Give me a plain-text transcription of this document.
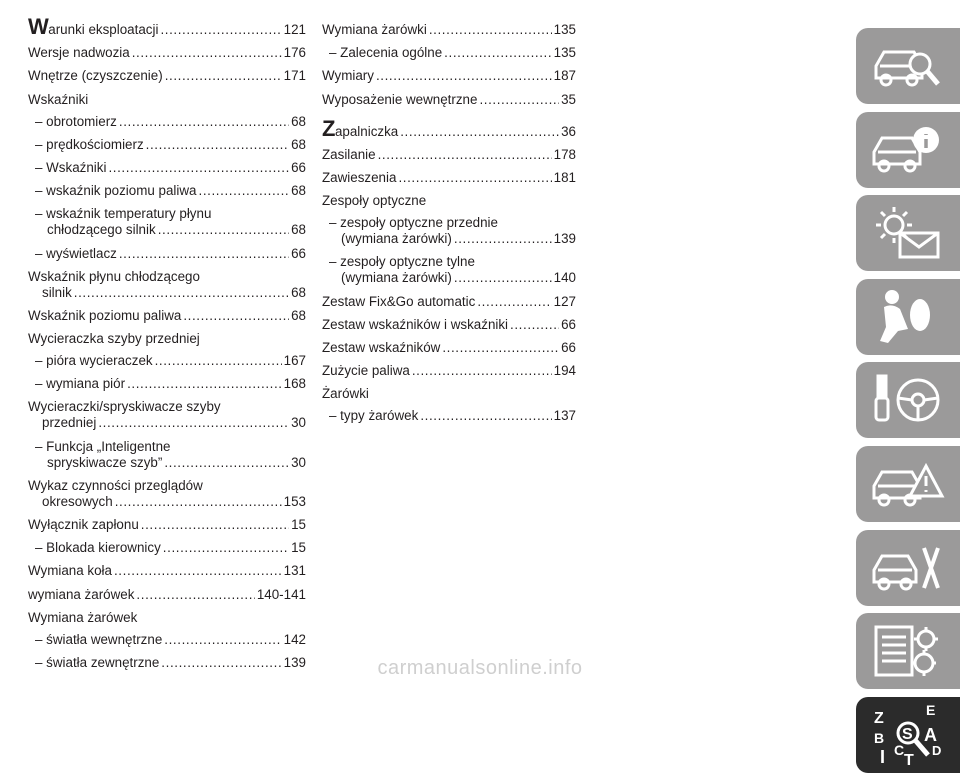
Warunki eksploatacji .....	121
Wersje nadwozia .....	176
Wnętrze (czyszczenie) .....	171
Wskaźniki
– obrotomierz .....	68
– prędkościomierz .....	68
– Wskaźniki .....	66
– wskaźnik poziomu paliwa .....	68
– wskaźnik temperatury płynu
chłodzącego silnik .....	68
– wyświetlacz .....	66
Wskaźnik płynu chłodzącego
silnik .....	68
Wskaźnik poziomu paliwa .....	68
Wycieraczka szyby przedniej
– pióra wycieraczek .....	167
– wymiana piór .....	168
Wycieraczki/spryskiwacze szyby
przedniej .....	30
– Funkcja „Inteligentne
spryskiwacze szyb” .....	30
Wykaz czynności przeglądów
okresowych .....	153
Wyłącznik zapłonu .....	15
– Blokada kierownicy .....	15
Wymiana koła .....	131
wymiana żarówek .....	140-141
Wymiana żarówek
– światła wewnętrzne .....	142
– światła zewnętrzne .....	139
Wymiana żarówki .....	135
– Zalecenia ogólne .....	135
Wymiary .....	187
Wyposażenie wewnętrzne .....	35
Zapalniczka .....	36
Zasilanie .....	178
Zawieszenia .....	181
Zespoły optyczne
– zespoły optyczne przednie
(wymiana żarówki) .....	139
– zespoły optyczne tylne
(wymiana żarówki) .....	140
Zestaw Fix&Go automatic .....	127
Zestaw wskaźników i wskaźniki .....	66
Zestaw wskaźników .....	66
Zużycie paliwa .....	194
Żarówki
– typy żarówek .....	137
Z	E
S A
B
I C
T
D
carmanualsonline.info
